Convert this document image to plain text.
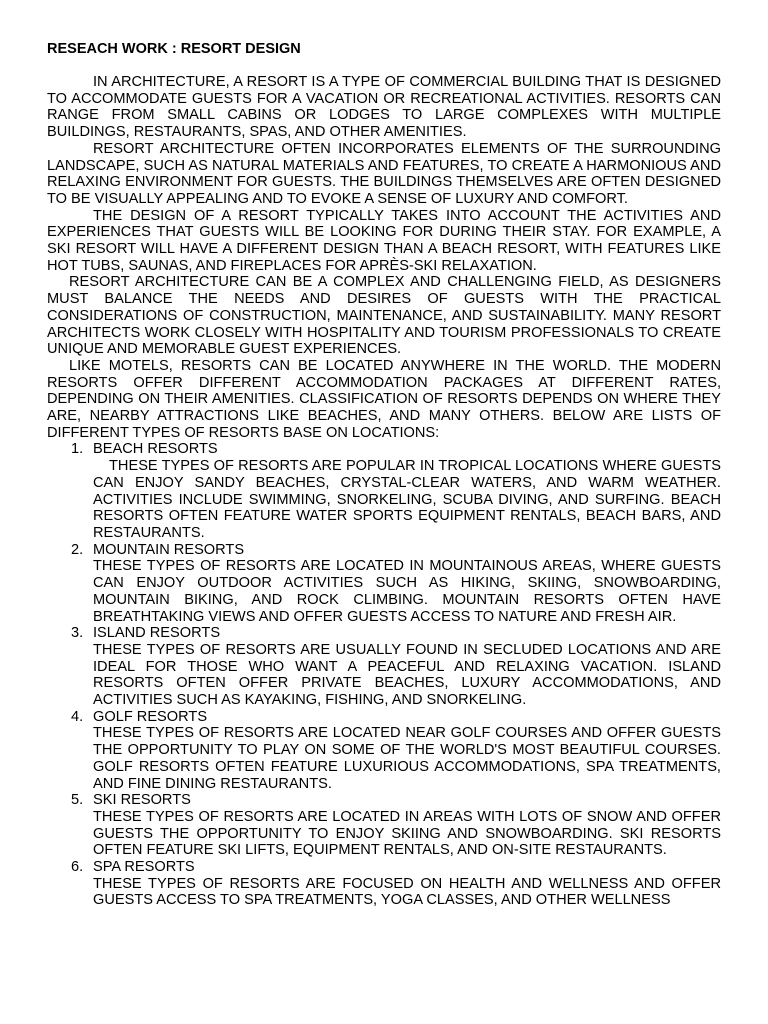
RESEACH WORK : RESORT DESIGN

IN ARCHITECTURE, A RESORT IS A TYPE OF COMMERCIAL BUILDING THAT IS DESIGNED TO ACCOMMODATE GUESTS FOR A VACATION OR RECREATIONAL ACTIVITIES. RESORTS CAN RANGE FROM SMALL CABINS OR LODGES TO LARGE COMPLEXES WITH MULTIPLE BUILDINGS, RESTAURANTS, SPAS, AND OTHER AMENITIES.

RESORT ARCHITECTURE OFTEN INCORPORATES ELEMENTS OF THE SURROUNDING LANDSCAPE, SUCH AS NATURAL MATERIALS AND FEATURES, TO CREATE A HARMONIOUS AND RELAXING ENVIRONMENT FOR GUESTS. THE BUILDINGS THEMSELVES ARE OFTEN DESIGNED TO BE VISUALLY APPEALING AND TO EVOKE A SENSE OF LUXURY AND COMFORT.

THE DESIGN OF A RESORT TYPICALLY TAKES INTO ACCOUNT THE ACTIVITIES AND EXPERIENCES THAT GUESTS WILL BE LOOKING FOR DURING THEIR STAY. FOR EXAMPLE, A SKI RESORT WILL HAVE A DIFFERENT DESIGN THAN A BEACH RESORT, WITH FEATURES LIKE HOT TUBS, SAUNAS, AND FIREPLACES FOR APRÈS-SKI RELAXATION.

RESORT ARCHITECTURE CAN BE A COMPLEX AND CHALLENGING FIELD, AS DESIGNERS MUST BALANCE THE NEEDS AND DESIRES OF GUESTS WITH THE PRACTICAL CONSIDERATIONS OF CONSTRUCTION, MAINTENANCE, AND SUSTAINABILITY. MANY RESORT ARCHITECTS WORK CLOSELY WITH HOSPITALITY AND TOURISM PROFESSIONALS TO CREATE UNIQUE AND MEMORABLE GUEST EXPERIENCES.

LIKE MOTELS, RESORTS CAN BE LOCATED ANYWHERE IN THE WORLD. THE MODERN RESORTS OFFER DIFFERENT ACCOMMODATION PACKAGES AT DIFFERENT RATES, DEPENDING ON THEIR AMENITIES. CLASSIFICATION OF RESORTS DEPENDS ON WHERE THEY ARE, NEARBY ATTRACTIONS LIKE BEACHES, AND MANY OTHERS. BELOW ARE LISTS OF DIFFERENT TYPES OF RESORTS BASE ON LOCATIONS:

1. BEACH RESORTS
THESE TYPES OF RESORTS ARE POPULAR IN TROPICAL LOCATIONS WHERE GUESTS CAN ENJOY SANDY BEACHES, CRYSTAL-CLEAR WATERS, AND WARM WEATHER. ACTIVITIES INCLUDE SWIMMING, SNORKELING, SCUBA DIVING, AND SURFING. BEACH RESORTS OFTEN FEATURE WATER SPORTS EQUIPMENT RENTALS, BEACH BARS, AND RESTAURANTS.
2. MOUNTAIN RESORTS
THESE TYPES OF RESORTS ARE LOCATED IN MOUNTAINOUS AREAS, WHERE GUESTS CAN ENJOY OUTDOOR ACTIVITIES SUCH AS HIKING, SKIING, SNOWBOARDING, MOUNTAIN BIKING, AND ROCK CLIMBING. MOUNTAIN RESORTS OFTEN HAVE BREATHTAKING VIEWS AND OFFER GUESTS ACCESS TO NATURE AND FRESH AIR.
3. ISLAND RESORTS
THESE TYPES OF RESORTS ARE USUALLY FOUND IN SECLUDED LOCATIONS AND ARE IDEAL FOR THOSE WHO WANT A PEACEFUL AND RELAXING VACATION. ISLAND RESORTS OFTEN OFFER PRIVATE BEACHES, LUXURY ACCOMMODATIONS, AND ACTIVITIES SUCH AS KAYAKING, FISHING, AND SNORKELING.
4. GOLF RESORTS
THESE TYPES OF RESORTS ARE LOCATED NEAR GOLF COURSES AND OFFER GUESTS THE OPPORTUNITY TO PLAY ON SOME OF THE WORLD'S MOST BEAUTIFUL COURSES. GOLF RESORTS OFTEN FEATURE LUXURIOUS ACCOMMODATIONS, SPA TREATMENTS, AND FINE DINING RESTAURANTS.
5. SKI RESORTS
THESE TYPES OF RESORTS ARE LOCATED IN AREAS WITH LOTS OF SNOW AND OFFER GUESTS THE OPPORTUNITY TO ENJOY SKIING AND SNOWBOARDING. SKI RESORTS OFTEN FEATURE SKI LIFTS, EQUIPMENT RENTALS, AND ON-SITE RESTAURANTS.
6. SPA RESORTS
THESE TYPES OF RESORTS ARE FOCUSED ON HEALTH AND WELLNESS AND OFFER GUESTS ACCESS TO SPA TREATMENTS, YOGA CLASSES, AND OTHER WELLNESS
